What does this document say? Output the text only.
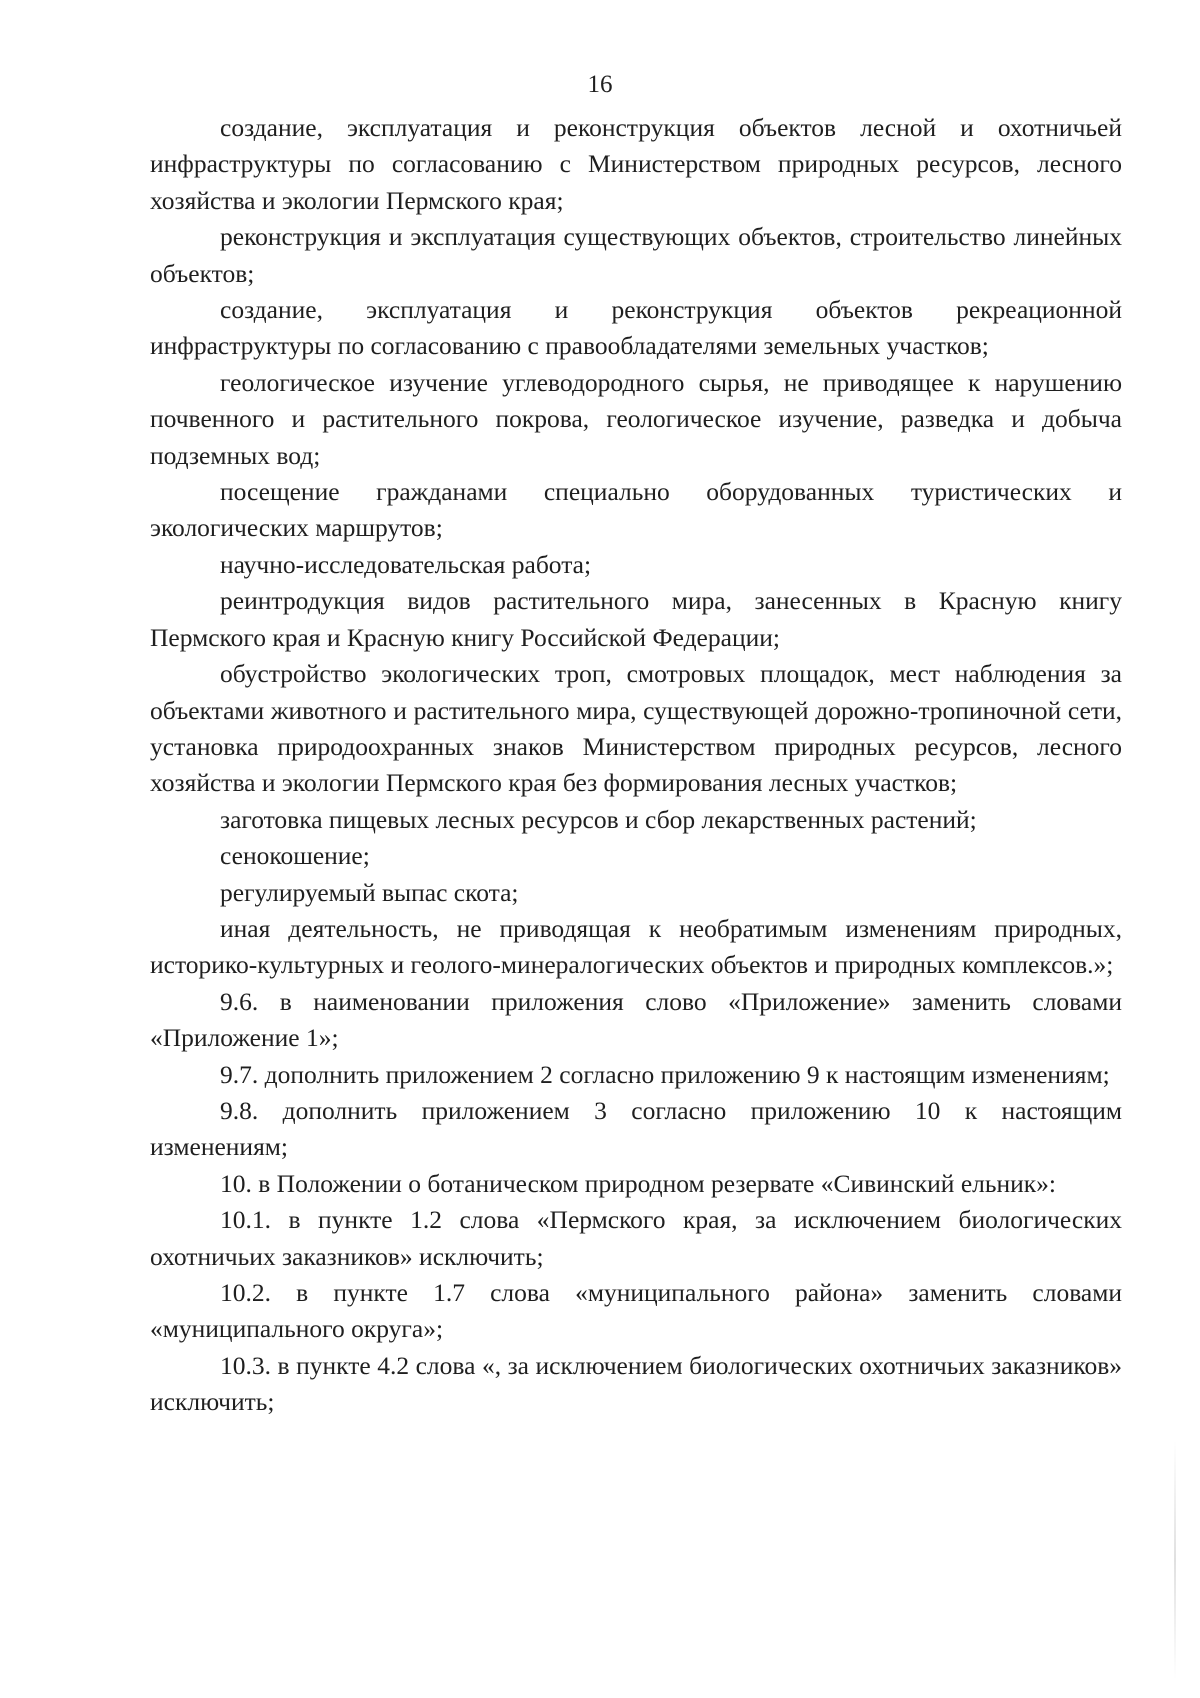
16

создание, эксплуатация и реконструкция объектов лесной и охотничьей инфраструктуры по согласованию с Министерством природных ресурсов, лесного хозяйства и экологии Пермского края;

реконструкция и эксплуатация существующих объектов, строительство линейных объектов;

создание, эксплуатация и реконструкция объектов рекреационной инфраструктуры по согласованию с правообладателями земельных участков;

геологическое изучение углеводородного сырья, не приводящее к нарушению почвенного и растительного покрова, геологическое изучение, разведка и добыча подземных вод;

посещение гражданами специально оборудованных туристических и экологических маршрутов;

научно-исследовательская работа;

реинтродукция видов растительного мира, занесенных в Красную книгу Пермского края и Красную книгу Российской Федерации;

обустройство экологических троп, смотровых площадок, мест наблюдения за объектами животного и растительного мира, существующей дорожно-тропиночной сети, установка природоохранных знаков Министерством природных ресурсов, лесного хозяйства и экологии Пермского края без формирования лесных участков;

заготовка пищевых лесных ресурсов и сбор лекарственных растений;

сенокошение;

регулируемый выпас скота;

иная деятельность, не приводящая к необратимым изменениям природных, историко-культурных и геолого-минералогических объектов и природных комплексов.»;

9.6. в наименовании приложения слово «Приложение» заменить словами «Приложение 1»;

9.7. дополнить приложением 2 согласно приложению 9 к настоящим изменениям;

9.8. дополнить приложением 3 согласно приложению 10 к настоящим изменениям;

10. в Положении о ботаническом природном резервате «Сивинский ельник»:

10.1. в пункте 1.2 слова «Пермского края, за исключением биологических охотничьих заказников» исключить;

10.2. в пункте 1.7 слова «муниципального района» заменить словами «муниципального округа»;

10.3. в пункте 4.2 слова «, за исключением биологических охотничьих заказников» исключить;
